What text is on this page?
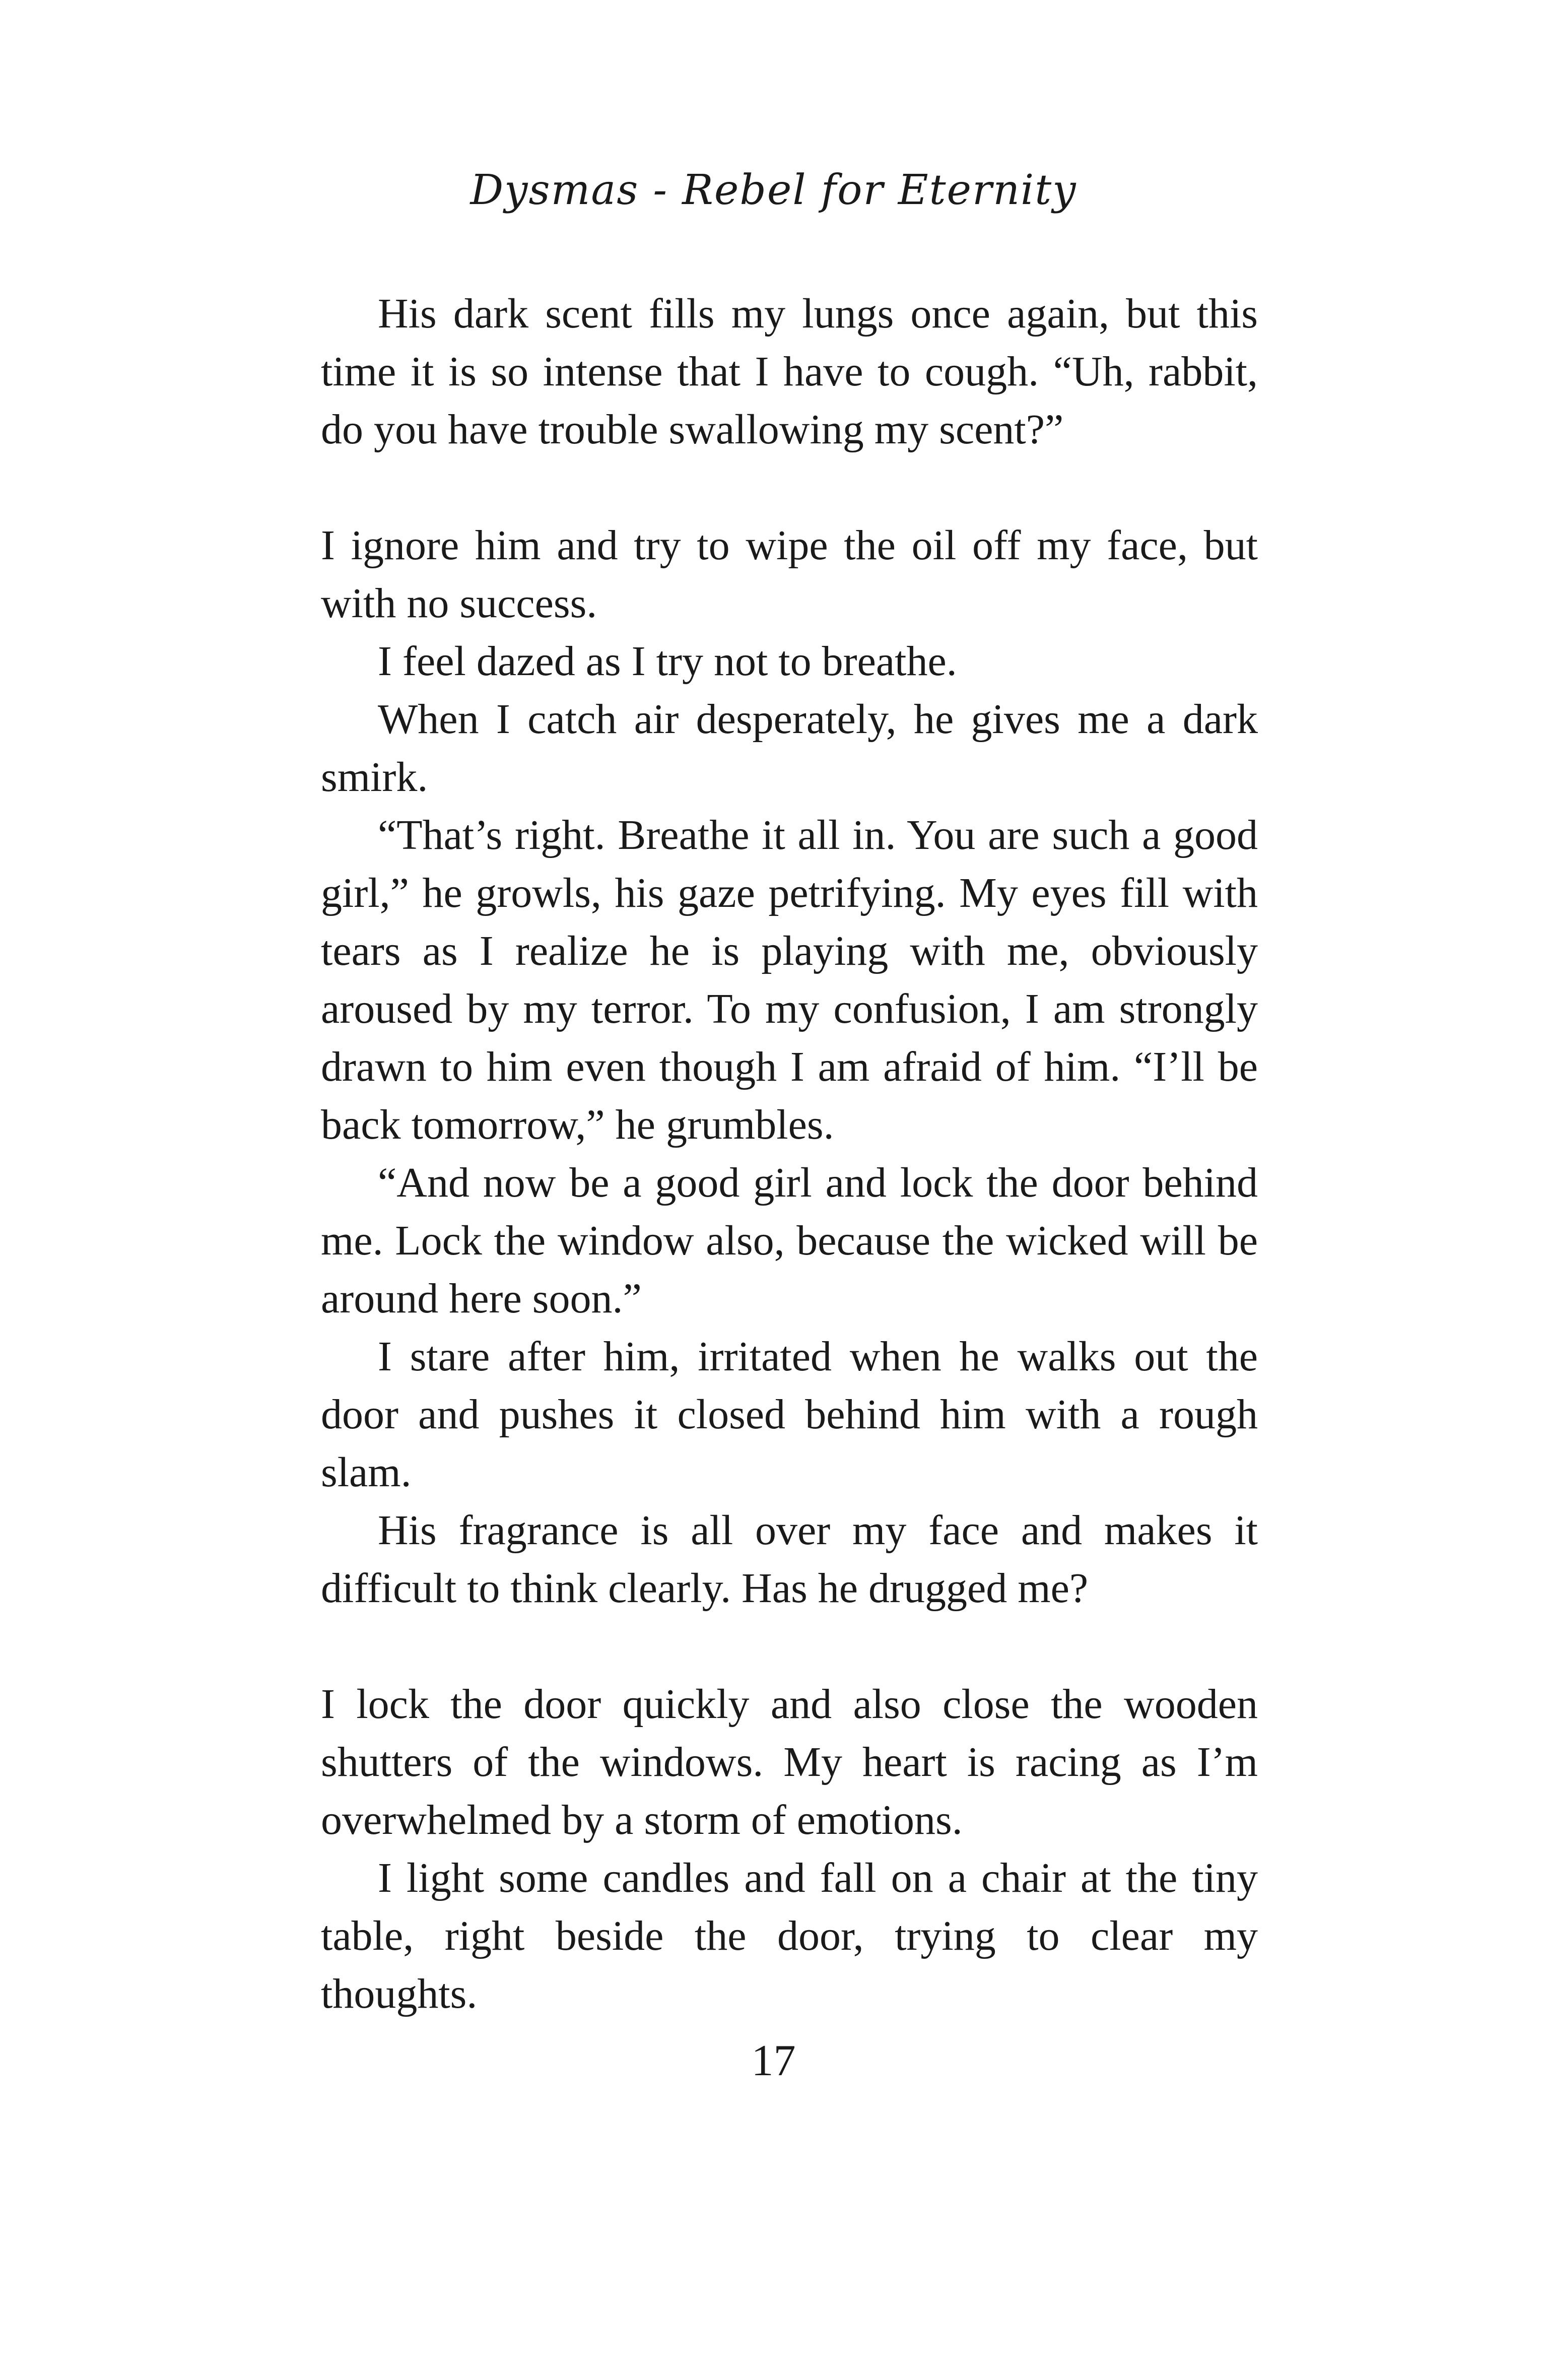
Dysmas - Rebel for Eternity

His dark scent fills my lungs once again, but this time it is so intense that I have to cough. “Uh, rabbit, do you have trouble swallowing my scent?”

I ignore him and try to wipe the oil off my face, but with no success.

I feel dazed as I try not to breathe.

When I catch air desperately, he gives me a dark smirk.

“That’s right. Breathe it all in. You are such a good girl,” he growls, his gaze petrifying. My eyes fill with tears as I realize he is playing with me, obviously aroused by my terror. To my confusion, I am strongly drawn to him even though I am afraid of him. “I’ll be back tomorrow,” he grumbles.

“And now be a good girl and lock the door behind me. Lock the window also, because the wicked will be around here soon.”

I stare after him, irritated when he walks out the door and pushes it closed behind him with a rough slam.

His fragrance is all over my face and makes it difficult to think clearly. Has he drugged me?

I lock the door quickly and also close the wooden shutters of the windows. My heart is racing as I’m overwhelmed by a storm of emotions.

I light some candles and fall on a chair at the tiny table, right beside the door, trying to clear my thoughts.

17
